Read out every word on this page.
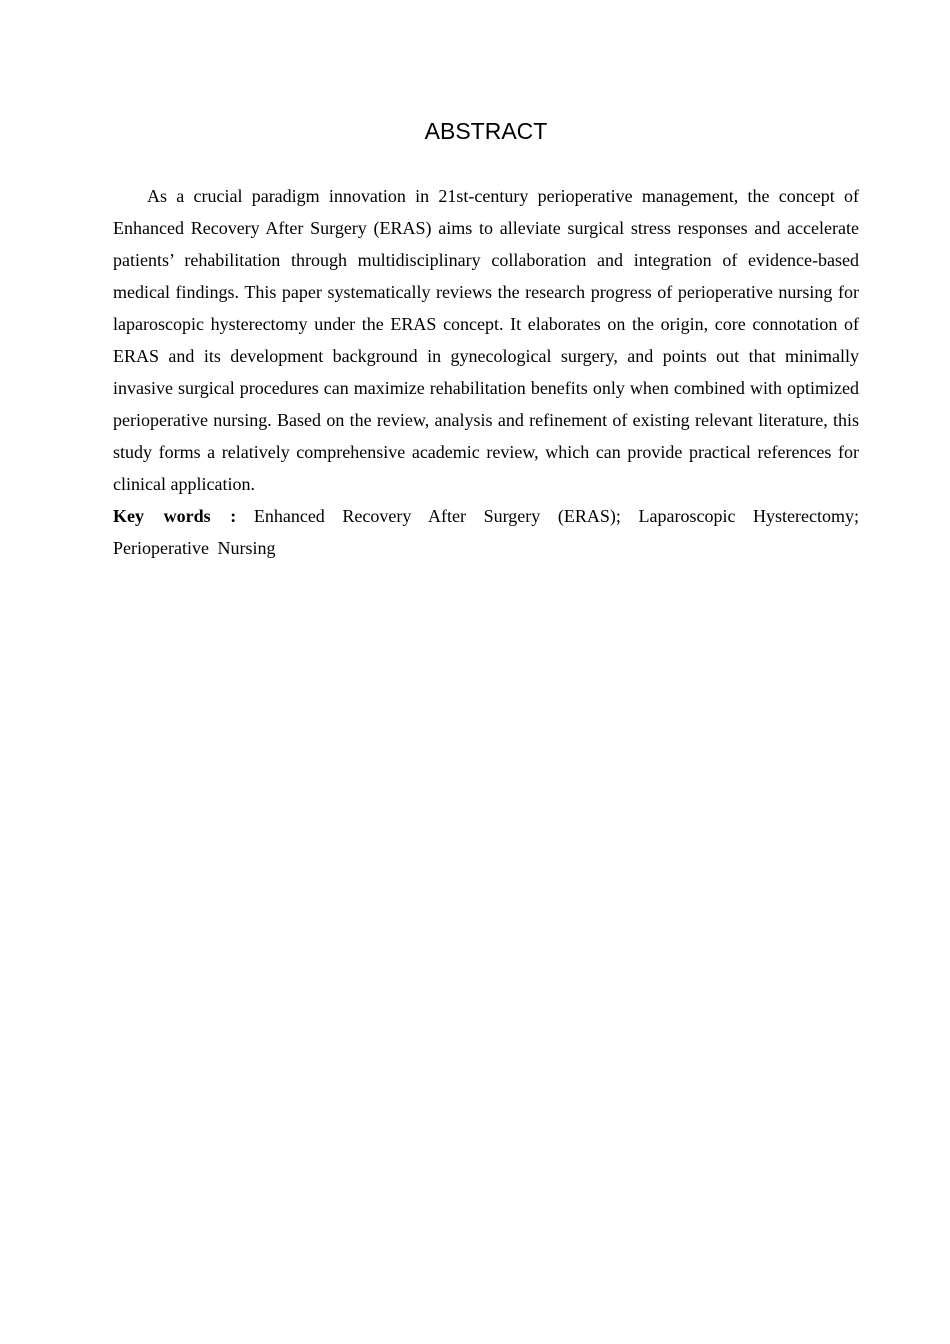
ABSTRACT

As a crucial paradigm innovation in 21st-century perioperative management, the concept of Enhanced Recovery After Surgery (ERAS) aims to alleviate surgical stress responses and accelerate patients’ rehabilitation through multidisciplinary collaboration and integration of evidence-based medical findings. This paper systematically reviews the research progress of perioperative nursing for laparoscopic hysterectomy under the ERAS concept. It elaborates on the origin, core connotation of ERAS and its development background in gynecological surgery, and points out that minimally invasive surgical procedures can maximize rehabilitation benefits only when combined with optimized perioperative nursing. Based on the review, analysis and refinement of existing relevant literature, this study forms a relatively comprehensive academic review, which can provide practical references for clinical application.

Key words : Enhanced Recovery After Surgery (ERAS); Laparoscopic Hysterectomy; Perioperative Nursing
